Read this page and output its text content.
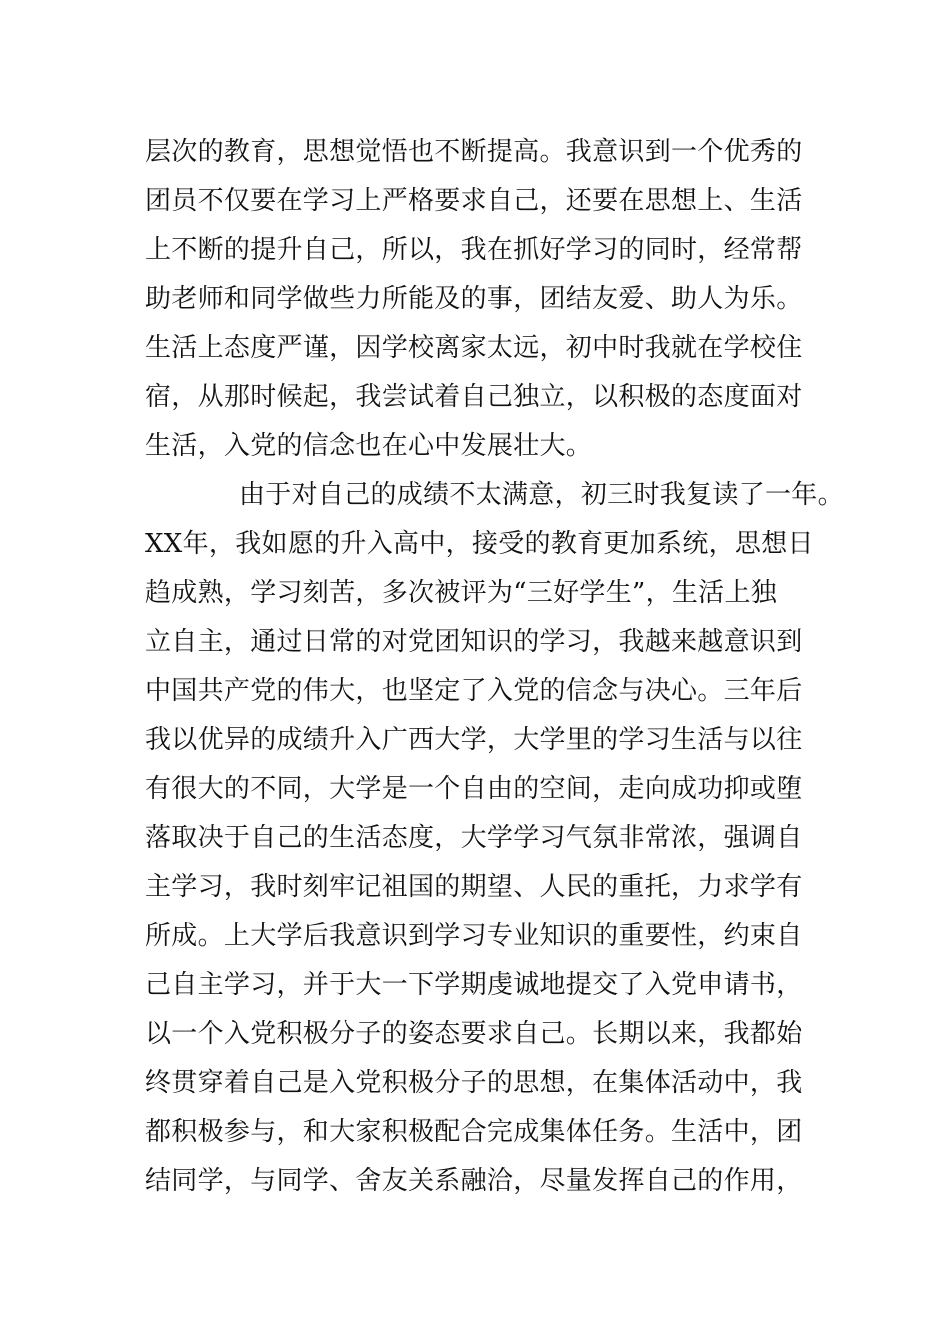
层次的教育，思想觉悟也不断提高。我意识到一个优秀的
团员不仅要在学习上严格要求自己，还要在思想上、生活
上不断的提升自己，所以，我在抓好学习的同时，经常帮
助老师和同学做些力所能及的事，团结友爱、助人为乐。
生活上态度严谨，因学校离家太远，初中时我就在学校住
宿，从那时候起，我尝试着自己独立，以积极的态度面对
生活，入党的信念也在心中发展壮大。
由于对自己的成绩不太满意，初三时我复读了一年。
XX年，我如愿的升入高中，接受的教育更加系统，思想日
趋成熟，学习刻苦，多次被评为“三好学生”，生活上独
立自主，通过日常的对党团知识的学习，我越来越意识到
中国共产党的伟大，也坚定了入党的信念与决心。三年后
我以优异的成绩升入广西大学，大学里的学习生活与以往
有很大的不同，大学是一个自由的空间，走向成功抑或堕
落取决于自己的生活态度，大学学习气氛非常浓，强调自
主学习，我时刻牢记祖国的期望、人民的重托，力求学有
所成。上大学后我意识到学习专业知识的重要性，约束自
己自主学习，并于大一下学期虔诚地提交了入党申请书，
以一个入党积极分子的姿态要求自己。长期以来，我都始
终贯穿着自己是入党积极分子的思想，在集体活动中，我
都积极参与，和大家积极配合完成集体任务。生活中，团
结同学，与同学、舍友关系融洽，尽量发挥自己的作用，
